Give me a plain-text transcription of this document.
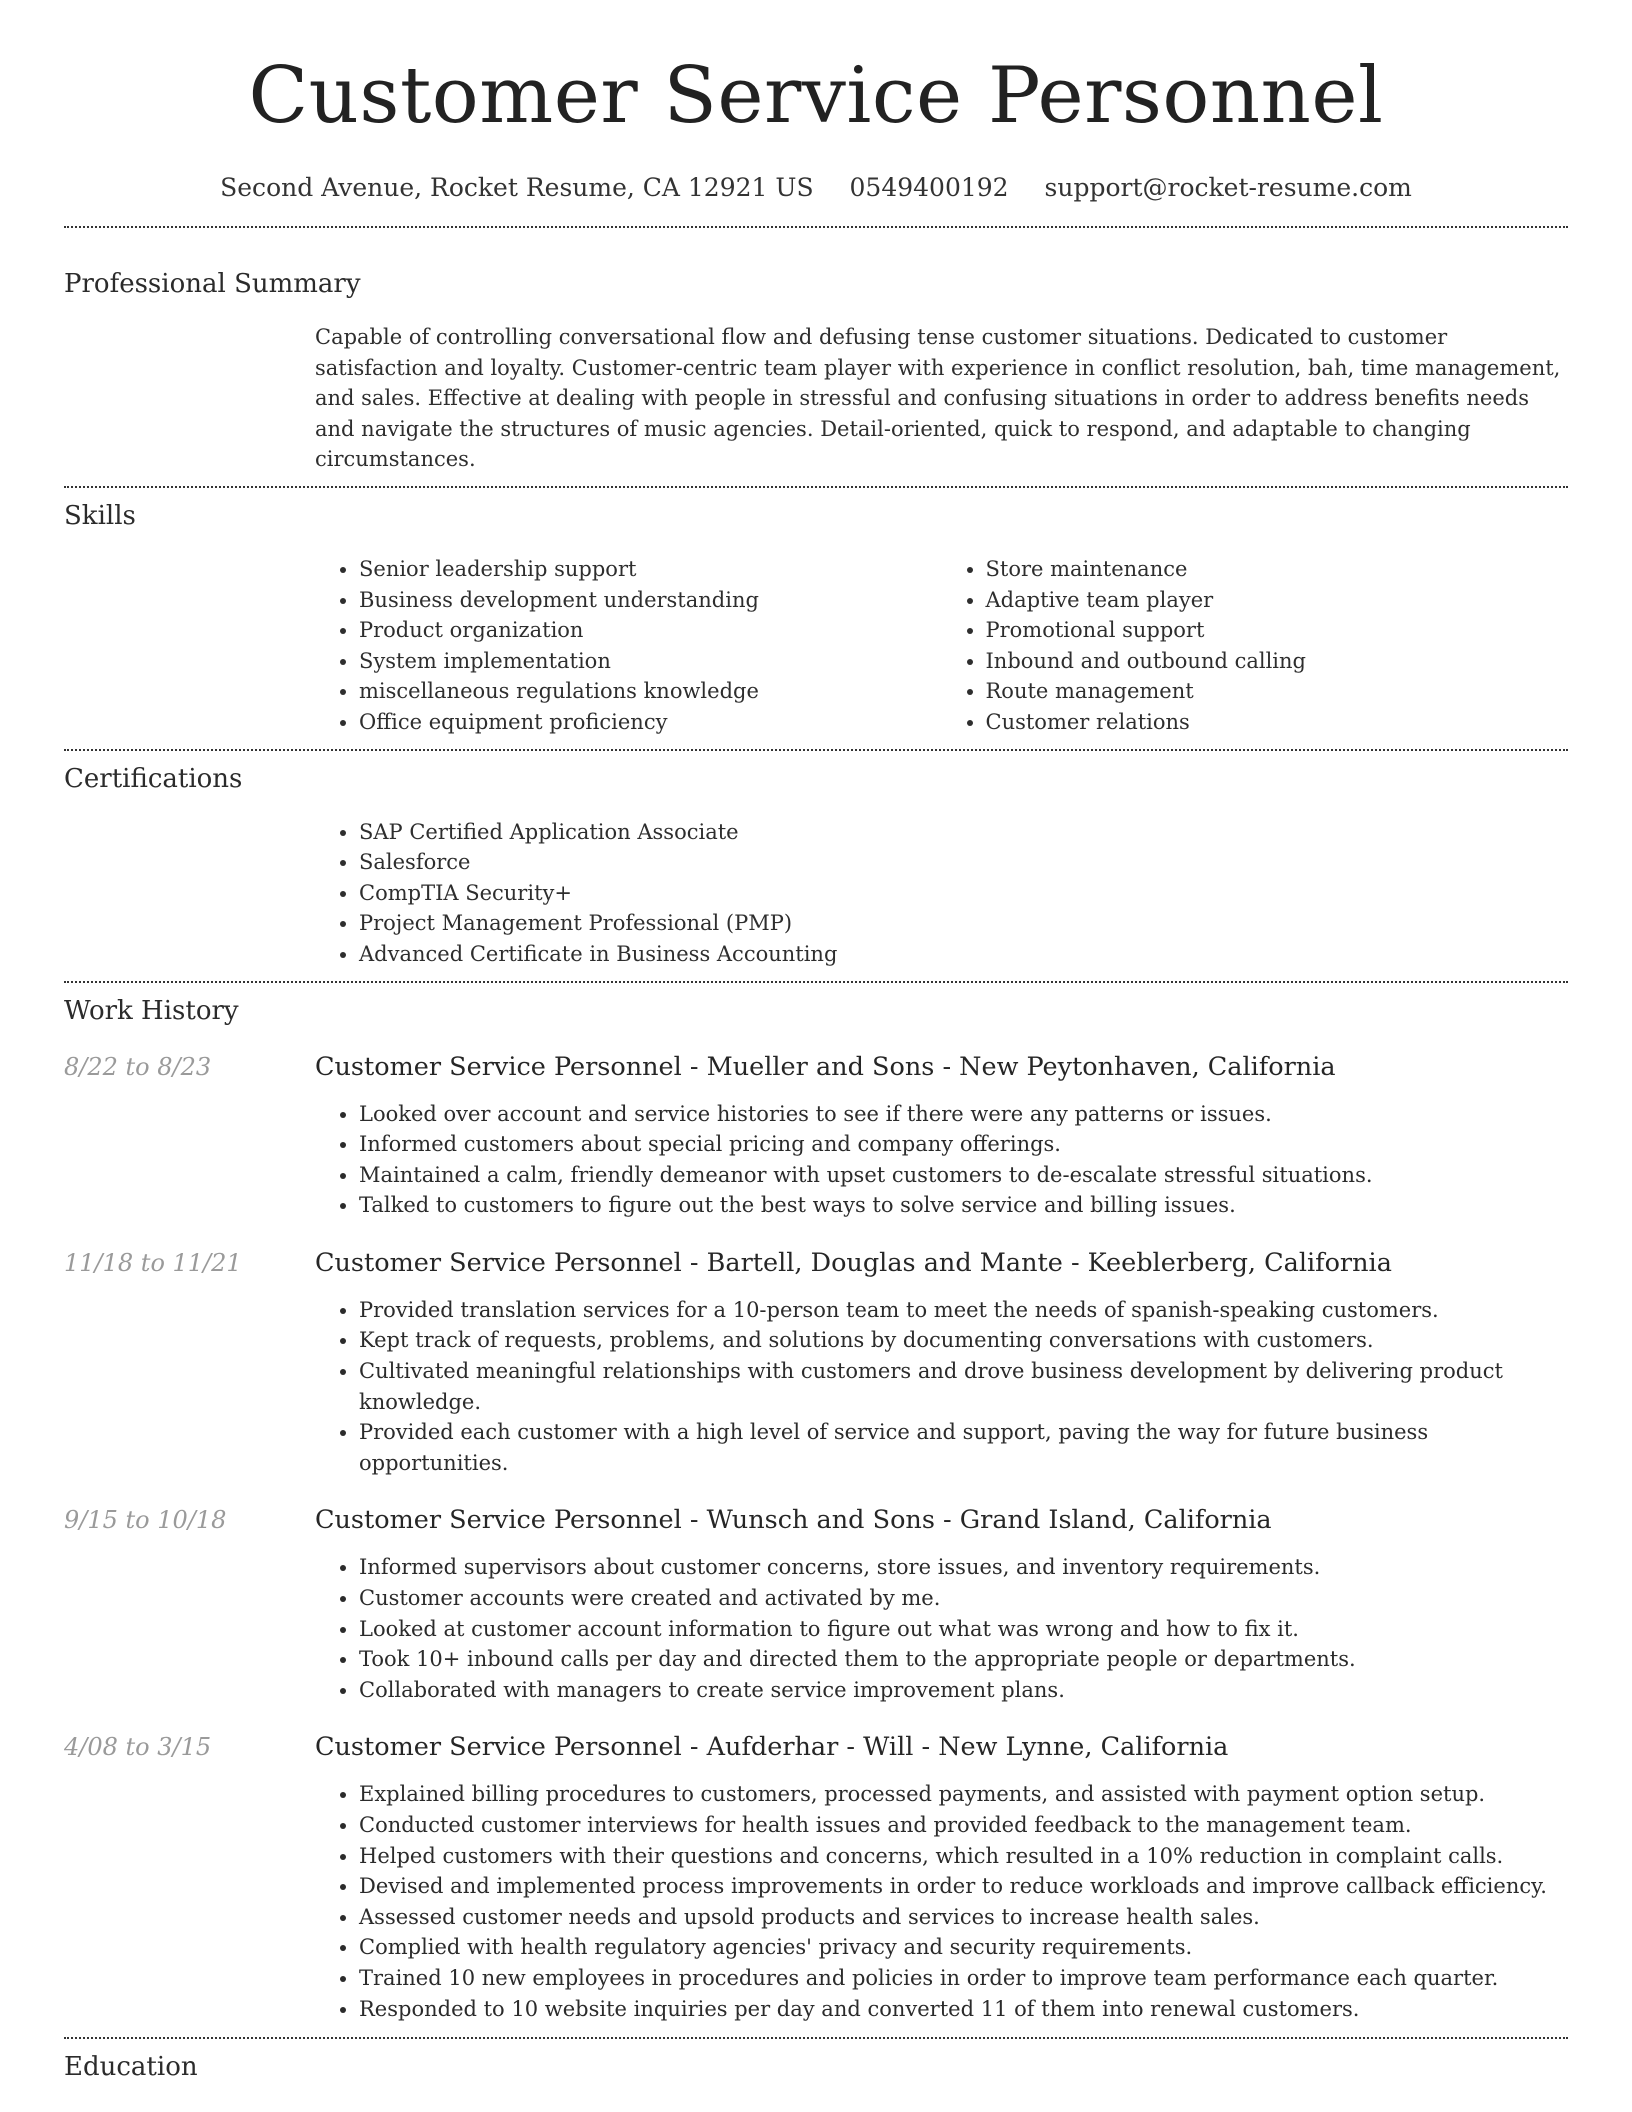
Customer Service Personnel
Second Avenue, Rocket Resume, CA 12921 US 0549400192 support@rocket-resume.com
Professional Summary
Capable of controlling conversational flow and defusing tense customer situations. Dedicated to customer satisfaction and loyalty. Customer-centric team player with experience in conflict resolution, bah, time management, and sales. Effective at dealing with people in stressful and confusing situations in order to address benefits needs and navigate the structures of music agencies. Detail-oriented, quick to respond, and adaptable to changing circumstances.
Skills
• Senior leadership support
• Business development understanding
• Product organization
• System implementation
• miscellaneous regulations knowledge
• Office equipment proficiency
• Store maintenance
• Adaptive team player
• Promotional support
• Inbound and outbound calling
• Route management
• Customer relations
Certifications
• SAP Certified Application Associate
• Salesforce
• CompTIA Security+
• Project Management Professional (PMP)
• Advanced Certificate in Business Accounting
Work History
8/22 to 8/23	Customer Service Personnel - Mueller and Sons - New Peytonhaven, California
• Looked over account and service histories to see if there were any patterns or issues.
• Informed customers about special pricing and company offerings.
• Maintained a calm, friendly demeanor with upset customers to de-escalate stressful situations.
• Talked to customers to figure out the best ways to solve service and billing issues.
11/18 to 11/21	Customer Service Personnel - Bartell, Douglas and Mante - Keeblerberg, California
• Provided translation services for a 10-person team to meet the needs of spanish-speaking customers.
• Kept track of requests, problems, and solutions by documenting conversations with customers.
• Cultivated meaningful relationships with customers and drove business development by delivering product knowledge.
• Provided each customer with a high level of service and support, paving the way for future business opportunities.
9/15 to 10/18	Customer Service Personnel - Wunsch and Sons - Grand Island, California
• Informed supervisors about customer concerns, store issues, and inventory requirements.
• Customer accounts were created and activated by me.
• Looked at customer account information to figure out what was wrong and how to fix it.
• Took 10+ inbound calls per day and directed them to the appropriate people or departments.
• Collaborated with managers to create service improvement plans.
4/08 to 3/15	Customer Service Personnel - Aufderhar - Will - New Lynne, California
• Explained billing procedures to customers, processed payments, and assisted with payment option setup.
• Conducted customer interviews for health issues and provided feedback to the management team.
• Helped customers with their questions and concerns, which resulted in a 10% reduction in complaint calls.
• Devised and implemented process improvements in order to reduce workloads and improve callback efficiency.
• Assessed customer needs and upsold products and services to increase health sales.
• Complied with health regulatory agencies' privacy and security requirements.
• Trained 10 new employees in procedures and policies in order to improve team performance each quarter.
• Responded to 10 website inquiries per day and converted 11 of them into renewal customers.
Education
